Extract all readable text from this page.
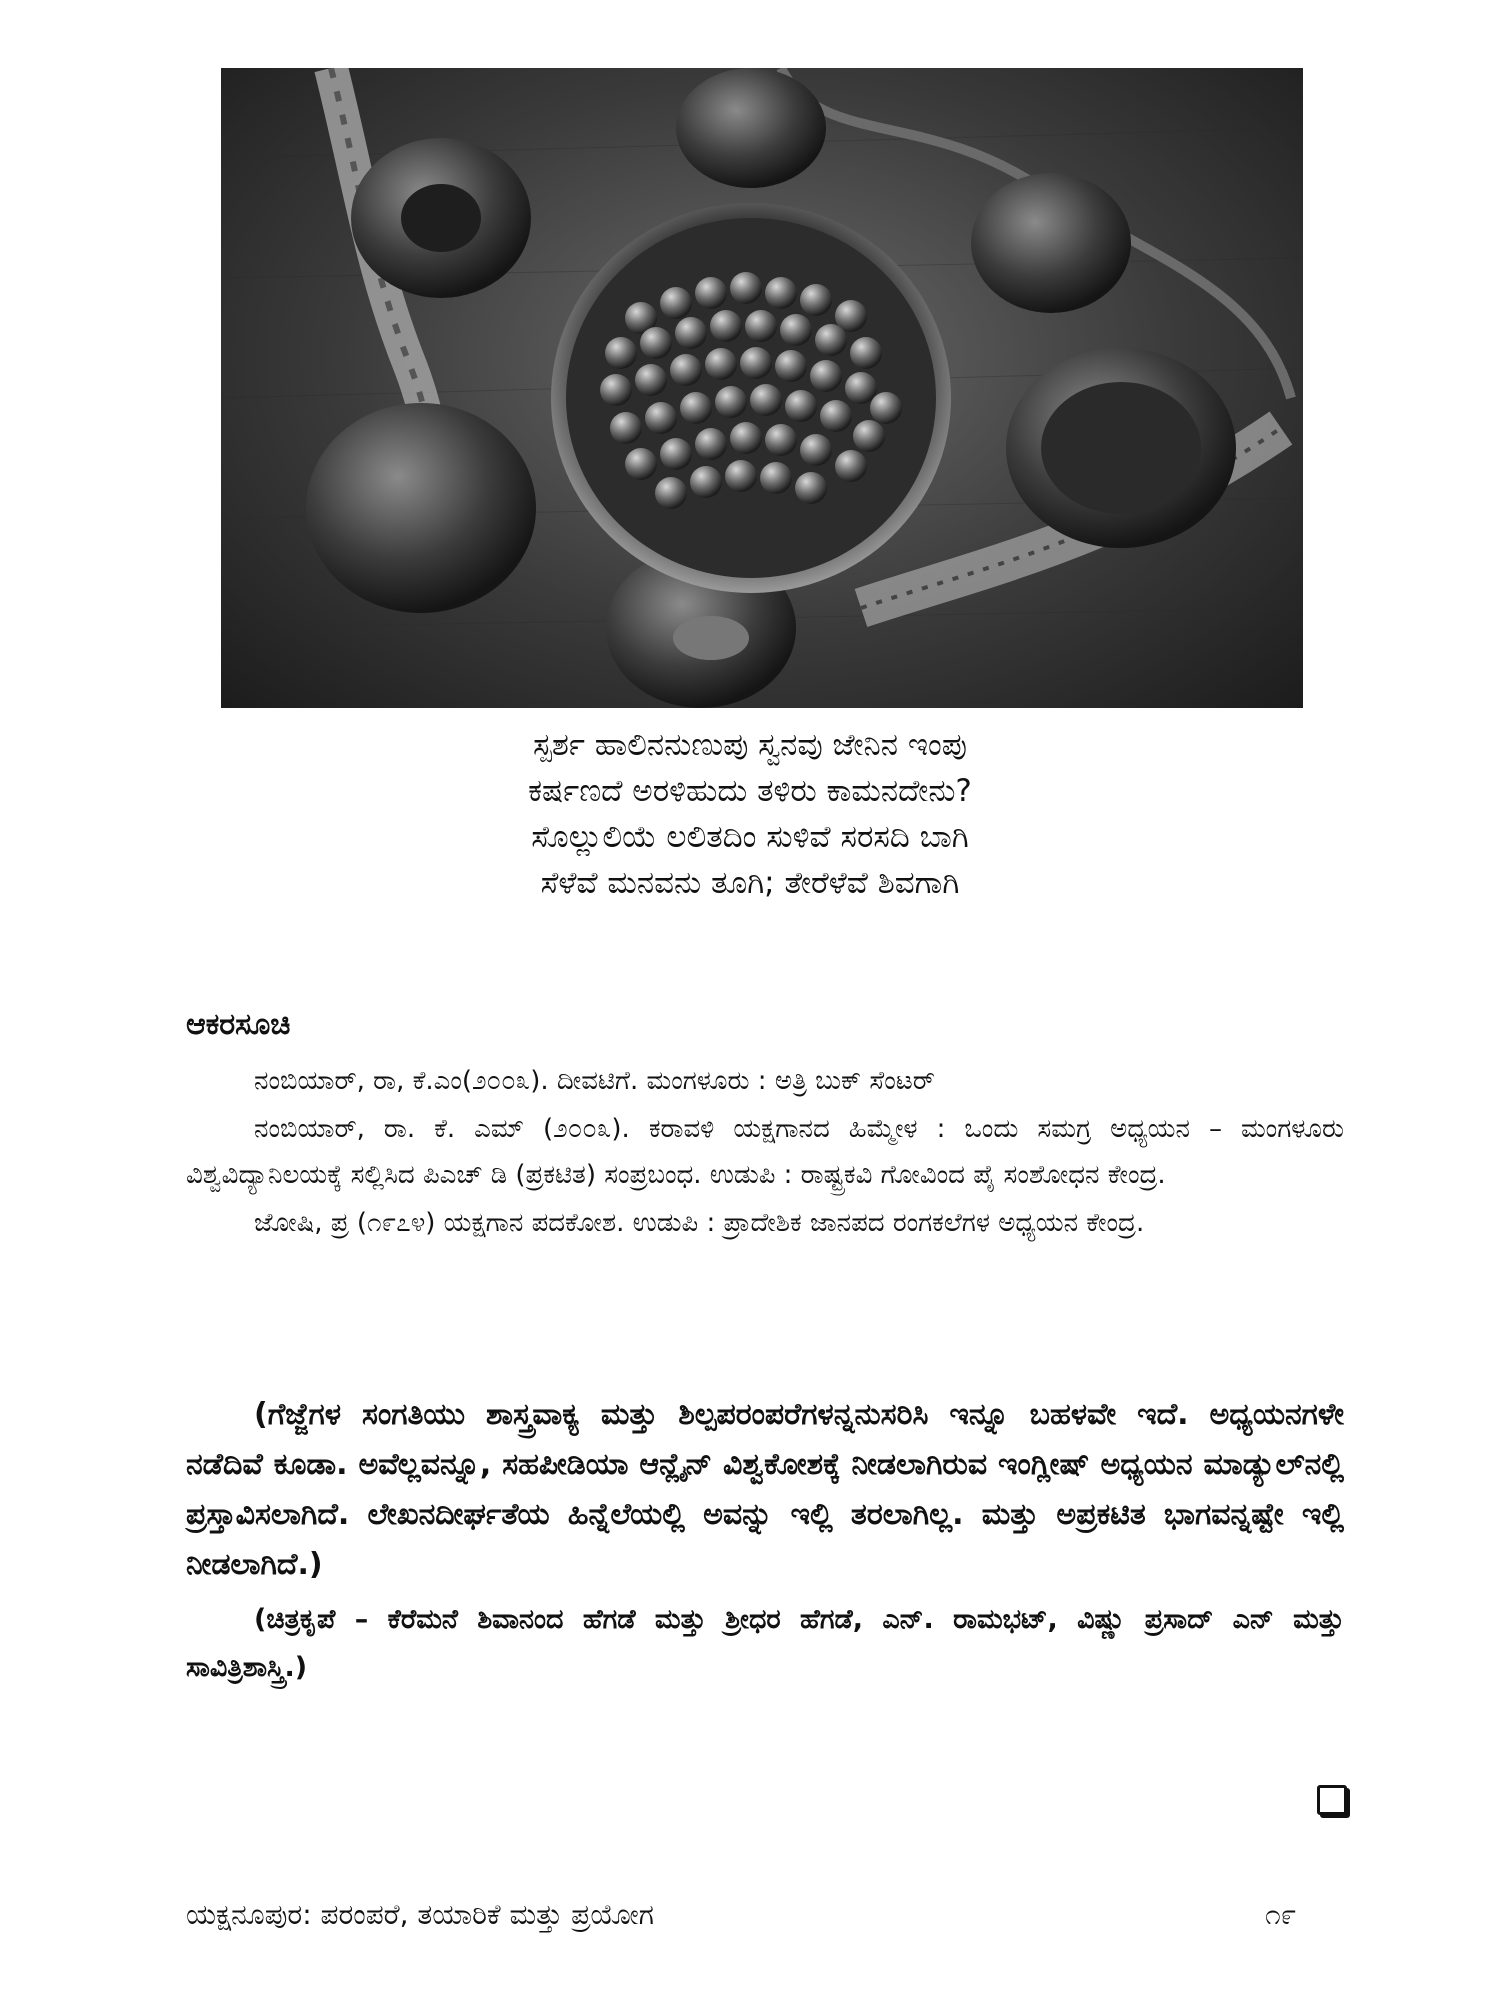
ಸ್ಪರ್ಶ ಹಾಲಿನನುಣುಪು ಸ್ವನವು ಜೇನಿನ ಇಂಪು
ಕರ್ಷಣದೆ ಅರಳಿಹುದು ತಳಿರು ಕಾಮನದೇನು?
ಸೊಲ್ಲುಲಿಯೆ ಲಲಿತದಿಂ ಸುಳಿವೆ ಸರಸದಿ ಬಾಗಿ
ಸೆಳೆವೆ ಮನವನು ತೂಗಿ; ತೇರೆಳೆವೆ ಶಿವಗಾಗಿ
ಆಕರಸೂಚಿ

ನಂಬಿಯಾರ್, ರಾ, ಕೆ.ಎಂ(೨೦೦೩). ದೀವಟಿಗೆ. ಮಂಗಳೂರು : ಅತ್ರಿ ಬುಕ್ ಸೆಂಟರ್

ನಂಬಿಯಾರ್, ರಾ. ಕೆ. ಎಮ್ (೨೦೦೩). ಕರಾವಳಿ ಯಕ್ಷಗಾನದ ಹಿಮ್ಮೇಳ : ಒಂದು ಸಮಗ್ರ ಅಧ್ಯಯನ – ಮಂಗಳೂರು ವಿಶ್ವವಿದ್ಯಾನಿಲಯಕ್ಕೆ ಸಲ್ಲಿಸಿದ ಪಿಎಚ್ ಡಿ (ಪ್ರಕಟಿತ) ಸಂಪ್ರಬಂಧ. ಉಡುಪಿ : ರಾಷ್ಟ್ರಕವಿ ಗೋವಿಂದ ಪೈ ಸಂಶೋಧನ ಕೇಂದ್ರ.

ಜೋಷಿ, ಪ್ರ (೧೯೭೪) ಯಕ್ಷಗಾನ ಪದಕೋಶ. ಉಡುಪಿ : ಪ್ರಾದೇಶಿಕ ಜಾನಪದ ರಂಗಕಲೆಗಳ ಅಧ್ಯಯನ ಕೇಂದ್ರ.

(ಗೆಜ್ಜೆಗಳ ಸಂಗತಿಯು ಶಾಸ್ತ್ರವಾಕ್ಯ ಮತ್ತು ಶಿಲ್ಪಪರಂಪರೆಗಳನ್ನನುಸರಿಸಿ ಇನ್ನೂ ಬಹಳವೇ ಇದೆ. ಅಧ್ಯಯನಗಳೇ ನಡೆದಿವೆ ಕೂಡಾ. ಅವೆಲ್ಲವನ್ನೂ, ಸಹಪೀಡಿಯಾ ಆನ್ಲೈನ್ ವಿಶ್ವಕೋಶಕ್ಕೆ ನೀಡಲಾಗಿರುವ ಇಂಗ್ಲೀಷ್ ಅಧ್ಯಯನ ಮಾಡ್ಯುಲ್‌ನಲ್ಲಿ ಪ್ರಸ್ತಾವಿಸಲಾಗಿದೆ. ಲೇಖನದೀರ್ಘತೆಯ ಹಿನ್ನೆಲೆಯಲ್ಲಿ ಅವನ್ನು ಇಲ್ಲಿ ತರಲಾಗಿಲ್ಲ. ಮತ್ತು ಅಪ್ರಕಟಿತ ಭಾಗವನ್ನಷ್ಟೇ ಇಲ್ಲಿ ನೀಡಲಾಗಿದೆ.)

(ಚಿತ್ರಕೃಪೆ – ಕೆರೆಮನೆ ಶಿವಾನಂದ ಹೆಗಡೆ ಮತ್ತು ಶ್ರೀಧರ ಹೆಗಡೆ, ಎನ್. ರಾಮಭಟ್, ವಿಷ್ಣು ಪ್ರಸಾದ್ ಎನ್ ಮತ್ತು ಸಾವಿತ್ರಿಶಾಸ್ತ್ರಿ.)

ಯಕ್ಷನೂಪುರ: ಪರಂಪರೆ, ತಯಾರಿಕೆ ಮತ್ತು ಪ್ರಯೋಗ	೧೯
